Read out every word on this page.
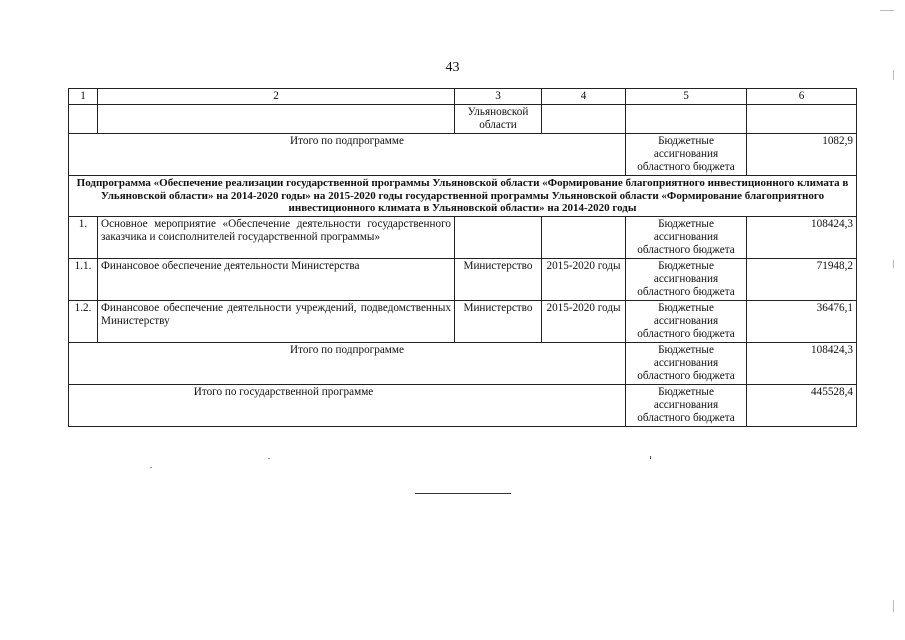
43
1	2	3	4	5	6
		Ульяновской области			
Итого по подпрограмме				Бюджетные ассигнования областного бюджета	1082,9
Подпрограмма «Обеспечение реализации государственной программы Ульяновской области «Формирование благоприятного инвестиционного климата в Ульяновской области» на 2014-2020 годы» на 2015-2020 годы государственной программы Ульяновской области «Формирование благоприятного инвестиционного климата в Ульяновской области» на 2014-2020 годы					
1.	Основное мероприятие «Обеспечение деятельности государственного заказчика и соисполнителей государственной программы»			Бюджетные ассигнования областного бюджета	108424,3
1.1.	Финансовое обеспечение деятельности Министерства	Министерство	2015-2020 годы	Бюджетные ассигнования областного бюджета	71948,2
1.2.	Финансовое обеспечение деятельности учреждений, подведомственных Министерству	Министерство	2015-2020 годы	Бюджетные ассигнования областного бюджета	36476,1
Итого по подпрограмме				Бюджетные ассигнования областного бюджета	108424,3
Итого по государственной программе				Бюджетные ассигнования областного бюджета	445528,4
